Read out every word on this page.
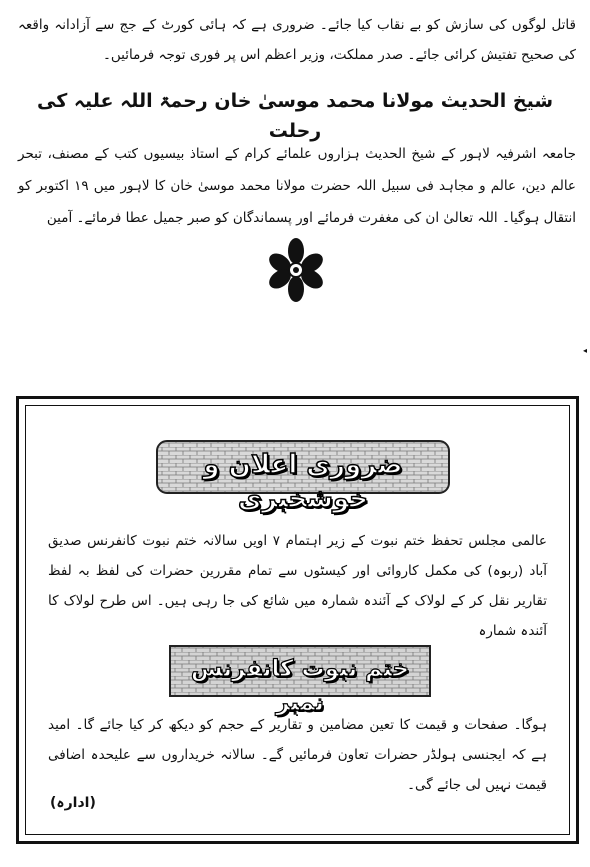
قاتل لوگوں کی سازش کو بے نقاب کیا جائے۔ ضروری ہے کہ ہائی کورٹ کے جج سے آزادانہ واقعہ کی صحیح تفتیش کرائی جائے۔ صدر مملکت، وزیر اعظم اس پر فوری توجہ فرمائیں۔
شیخ الحدیث مولانا محمد موسیٰ خان رحمۃ اللہ علیہ کی رحلت
جامعہ اشرفیہ لاہور کے شیخ الحدیث ہزاروں علمائے کرام کے استاذ بیسیوں کتب کے مصنف، تبحر عالم دین، عالم و مجاہد فی سبیل اللہ حضرت مولانا محمد موسیٰ خان کا لاہور میں ۱۹ اکتوبر کو انتقال ہوگیا۔ اللہ تعالیٰ ان کی مغفرت فرمائے اور پسماندگان کو صبر جمیل عطا فرمائے۔ آمین
◂
ضروری اعلان و خوشخبری
عالمی مجلس تحفظ ختم نبوت کے زیر اہتمام ۷ اویں سالانہ ختم نبوت کانفرنس صدیق آباد (ربوہ) کی مکمل کاروائی اور کیسٹوں سے تمام مقررین حضرات کی لفظ بہ لفظ تقاریر نقل کر کے لولاک کے آئندہ شمارہ میں شائع کی جا رہی ہیں۔ اس طرح لولاک کا آئندہ شمارہ
ختم نبوت کانفرنس نمبر
ہوگا۔ صفحات و قیمت کا تعین مضامین و تقاریر کے حجم کو دیکھ کر کیا جائے گا۔ امید ہے کہ ایجنسی ہولڈر حضرات تعاون فرمائیں گے۔ سالانہ خریداروں سے علیحدہ اضافی قیمت نہیں لی جائے گی۔
(ادارہ)
